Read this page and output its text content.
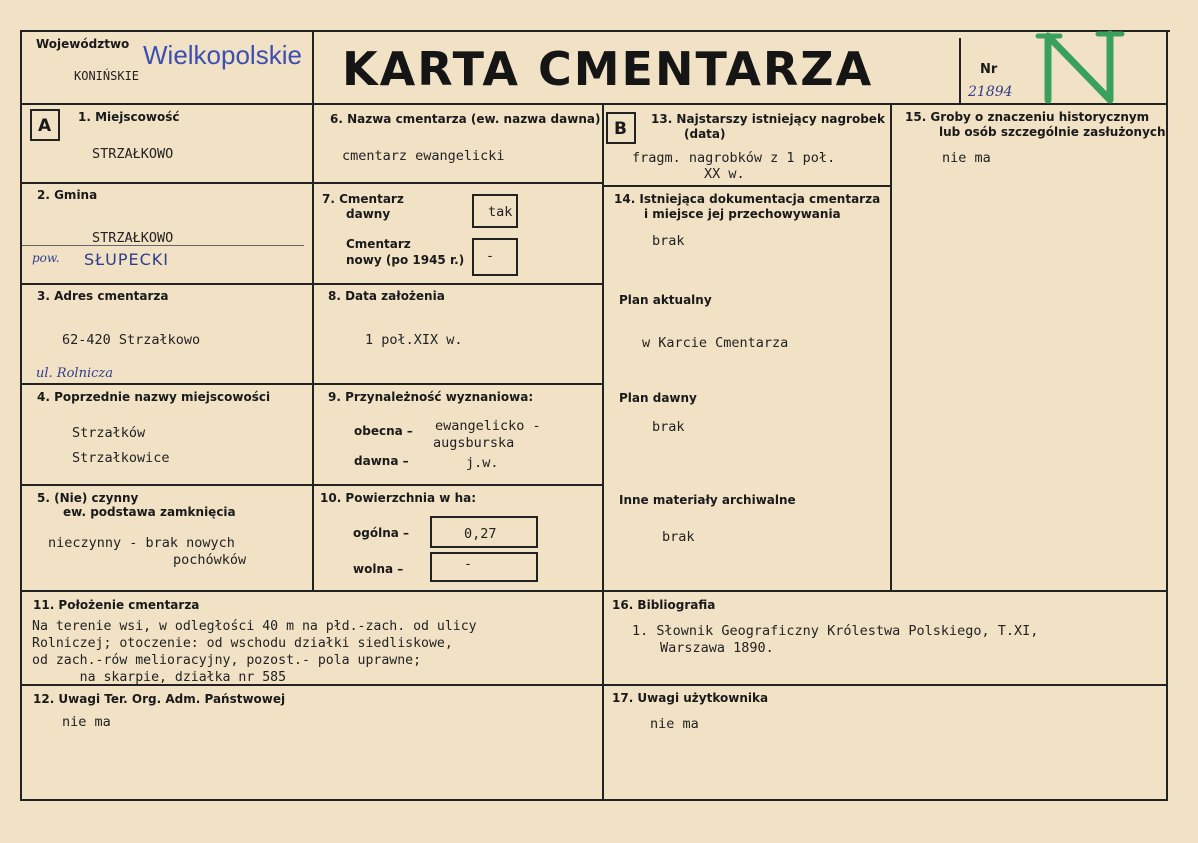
Województwo Wielkopolskie
KONIŃSKIE	KARTA CMENTARZA	Nr
21894
A 1. Miejscowość
STRZAŁKOWO
2. Gmina
STRZAŁKOWO
pow. SŁUPECKI
3. Adres cmentarza
62-420 Strzałkowo
ul. Rolnicza
4. Poprzednie nazwy miejscowości
Strzałków
Strzałkowice
5. (Nie) czynny
ew. podstawa zamknięcia
nieczynny - brak nowych
pochówków
6. Nazwa cmentarza (ew. nazwa dawna)
cmentarz ewangelicki
7. Cmentarz
dawny	tak
Cmentarz
nowy (po 1945 r.) -
8. Data założenia
1 poł.XIX w.
9. Przynależność wyznaniowa:
obecna – ewangelicko -
augsburska
dawna –	j.w.
10. Powierzchnia w ha:
ogólna –	0,27
wolna –	-
B 13. Najstarszy istniejący nagrobek
(data)
fragm. nagrobków z 1 poł.
XX w.
14. Istniejąca dokumentacja cmentarza
i miejsce jej przechowywania
brak
Plan aktualny
w Karcie Cmentarza
Plan dawny
brak
Inne materiały archiwalne
brak
15. Groby o znaczeniu historycznym
lub osób szczególnie zasłużonych
nie ma
11. Położenie cmentarza
Na terenie wsi, w odległości 40 m na płd.-zach. od ulicy
Rolniczej; otoczenie: od wschodu działki siedliskowe,
od zach.-rów melioracyjny, pozost.- pola uprawne;
na skarpie, działka nr 585
16. Bibliografia
1. Słownik Geograficzny Królestwa Polskiego, T.XI,
Warszawa 1890.
12. Uwagi Ter. Org. Adm. Państwowej
nie ma
17. Uwagi użytkownika
nie ma
